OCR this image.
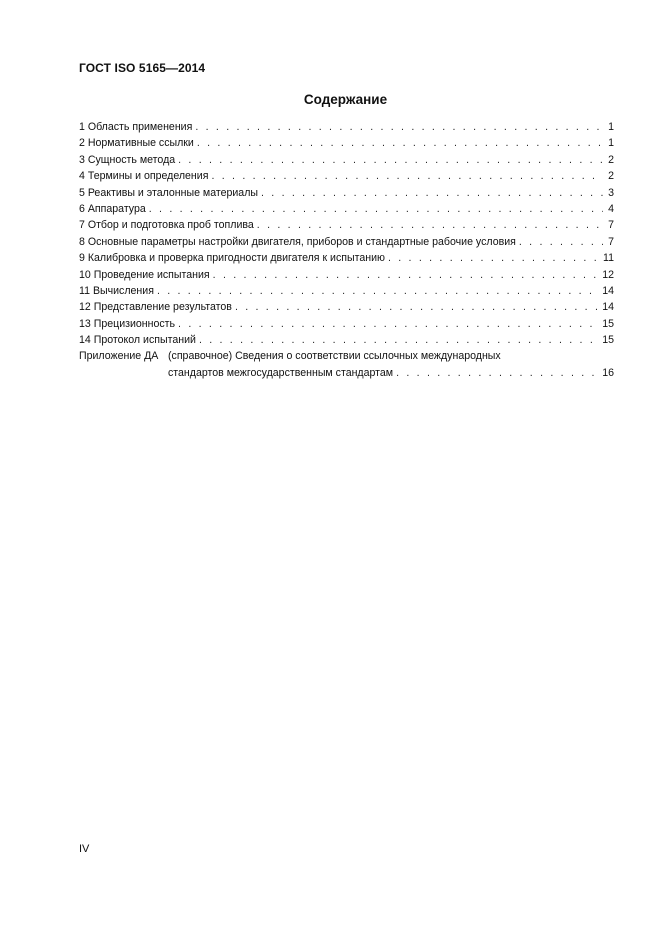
ГОСТ ISO 5165—2014
Содержание
1 Область применения . . .	1
2 Нормативные ссылки . . .	1
3 Сущность метода . . .	2
4 Термины и определения . . .	2
5 Реактивы и эталонные материалы . . .	3
6 Аппаратура . . .	4
7 Отбор и подготовка проб топлива . . .	7
8 Основные параметры настройки двигателя, приборов и стандартные рабочие условия . . .	7
9 Калибровка и проверка пригодности двигателя к испытанию . . .	11
10 Проведение испытания . . .	12
11 Вычисления . . .	14
12 Представление результатов . . .	14
13 Прецизионность . . .	15
14 Протокол испытаний . . .	15
Приложение ДА (справочное) Сведения о соответствии ссылочных международных
стандартов межгосударственным стандартам . . .	16
IV
